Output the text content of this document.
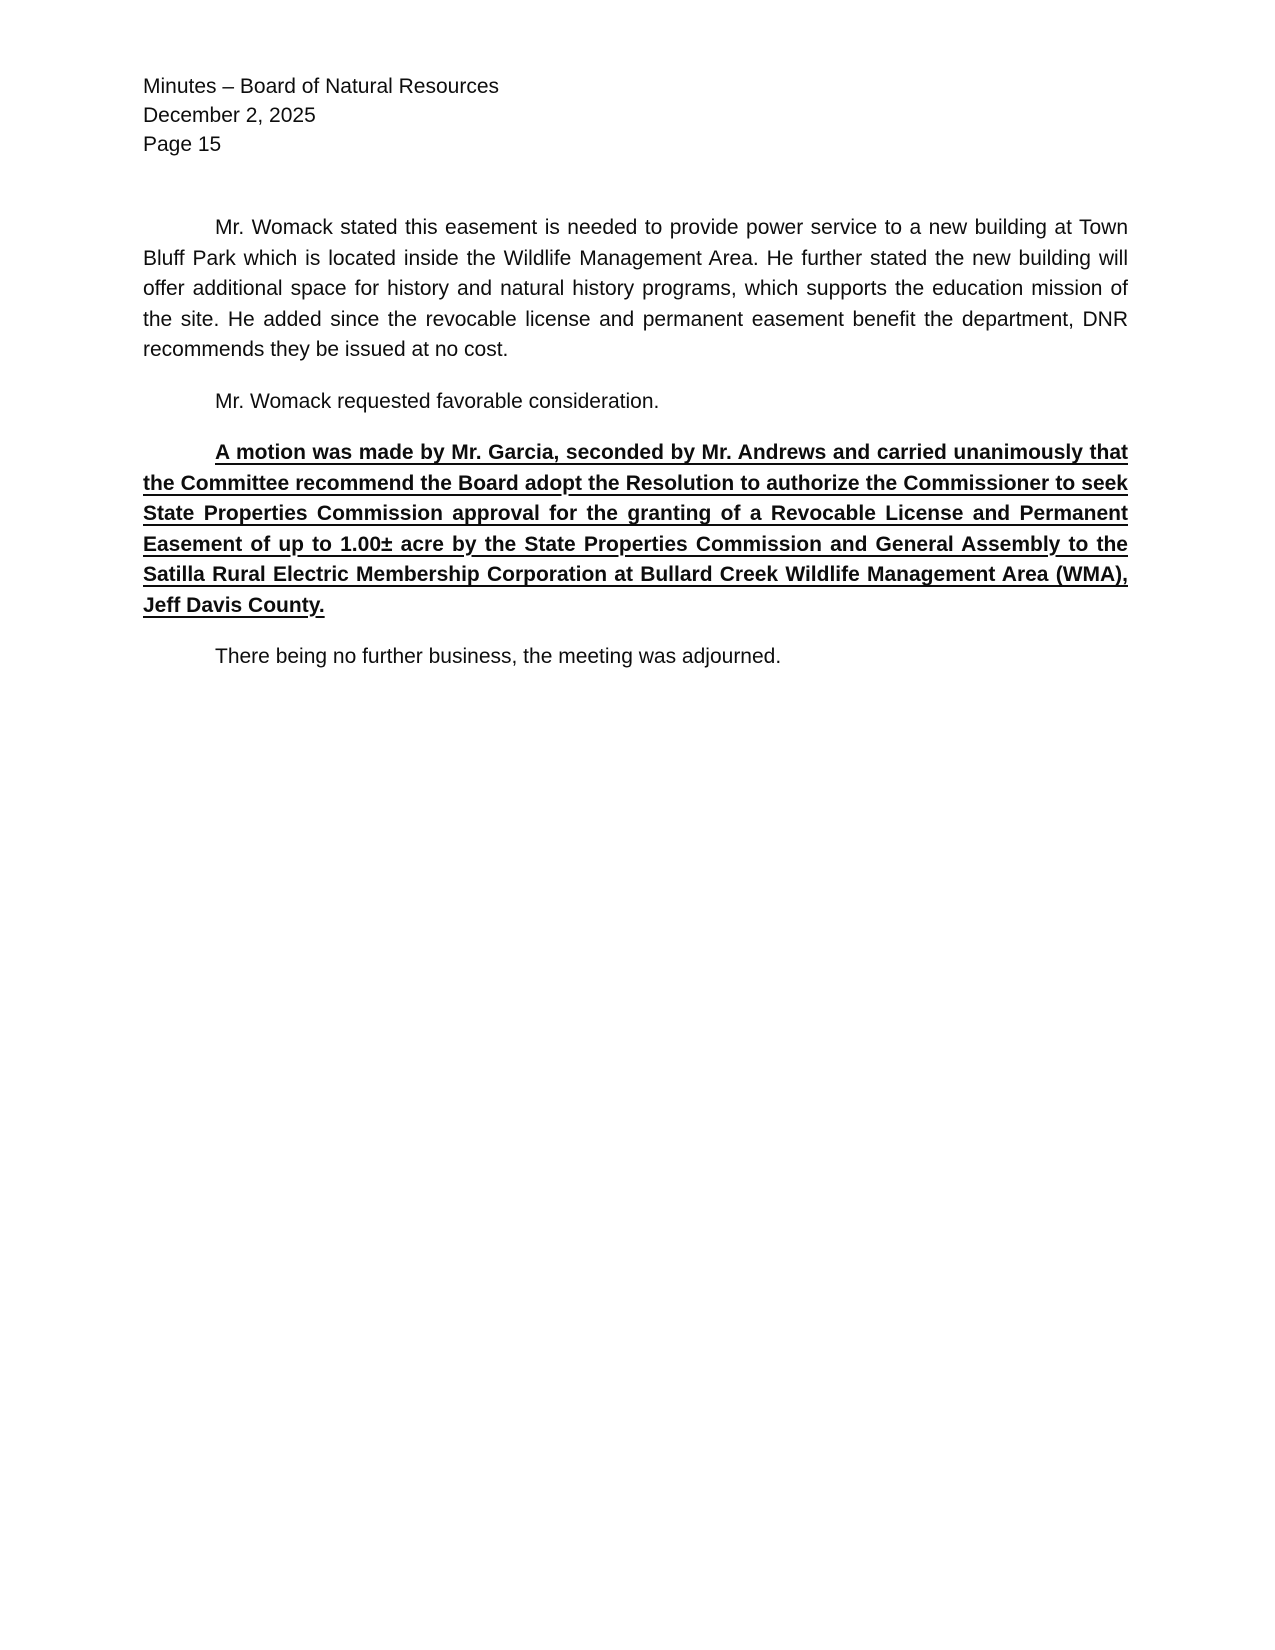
Minutes – Board of Natural Resources
December 2, 2025
Page 15

Mr. Womack stated this easement is needed to provide power service to a new building at Town Bluff Park which is located inside the Wildlife Management Area. He further stated the new building will offer additional space for history and natural history programs, which supports the education mission of the site. He added since the revocable license and permanent easement benefit the department, DNR recommends they be issued at no cost.

Mr. Womack requested favorable consideration.

A motion was made by Mr. Garcia, seconded by Mr. Andrews and carried unanimously that the Committee recommend the Board adopt the Resolution to authorize the Commissioner to seek State Properties Commission approval for the granting of a Revocable License and Permanent Easement of up to 1.00± acre by the State Properties Commission and General Assembly to the Satilla Rural Electric Membership Corporation at Bullard Creek Wildlife Management Area (WMA), Jeff Davis County.

There being no further business, the meeting was adjourned.
